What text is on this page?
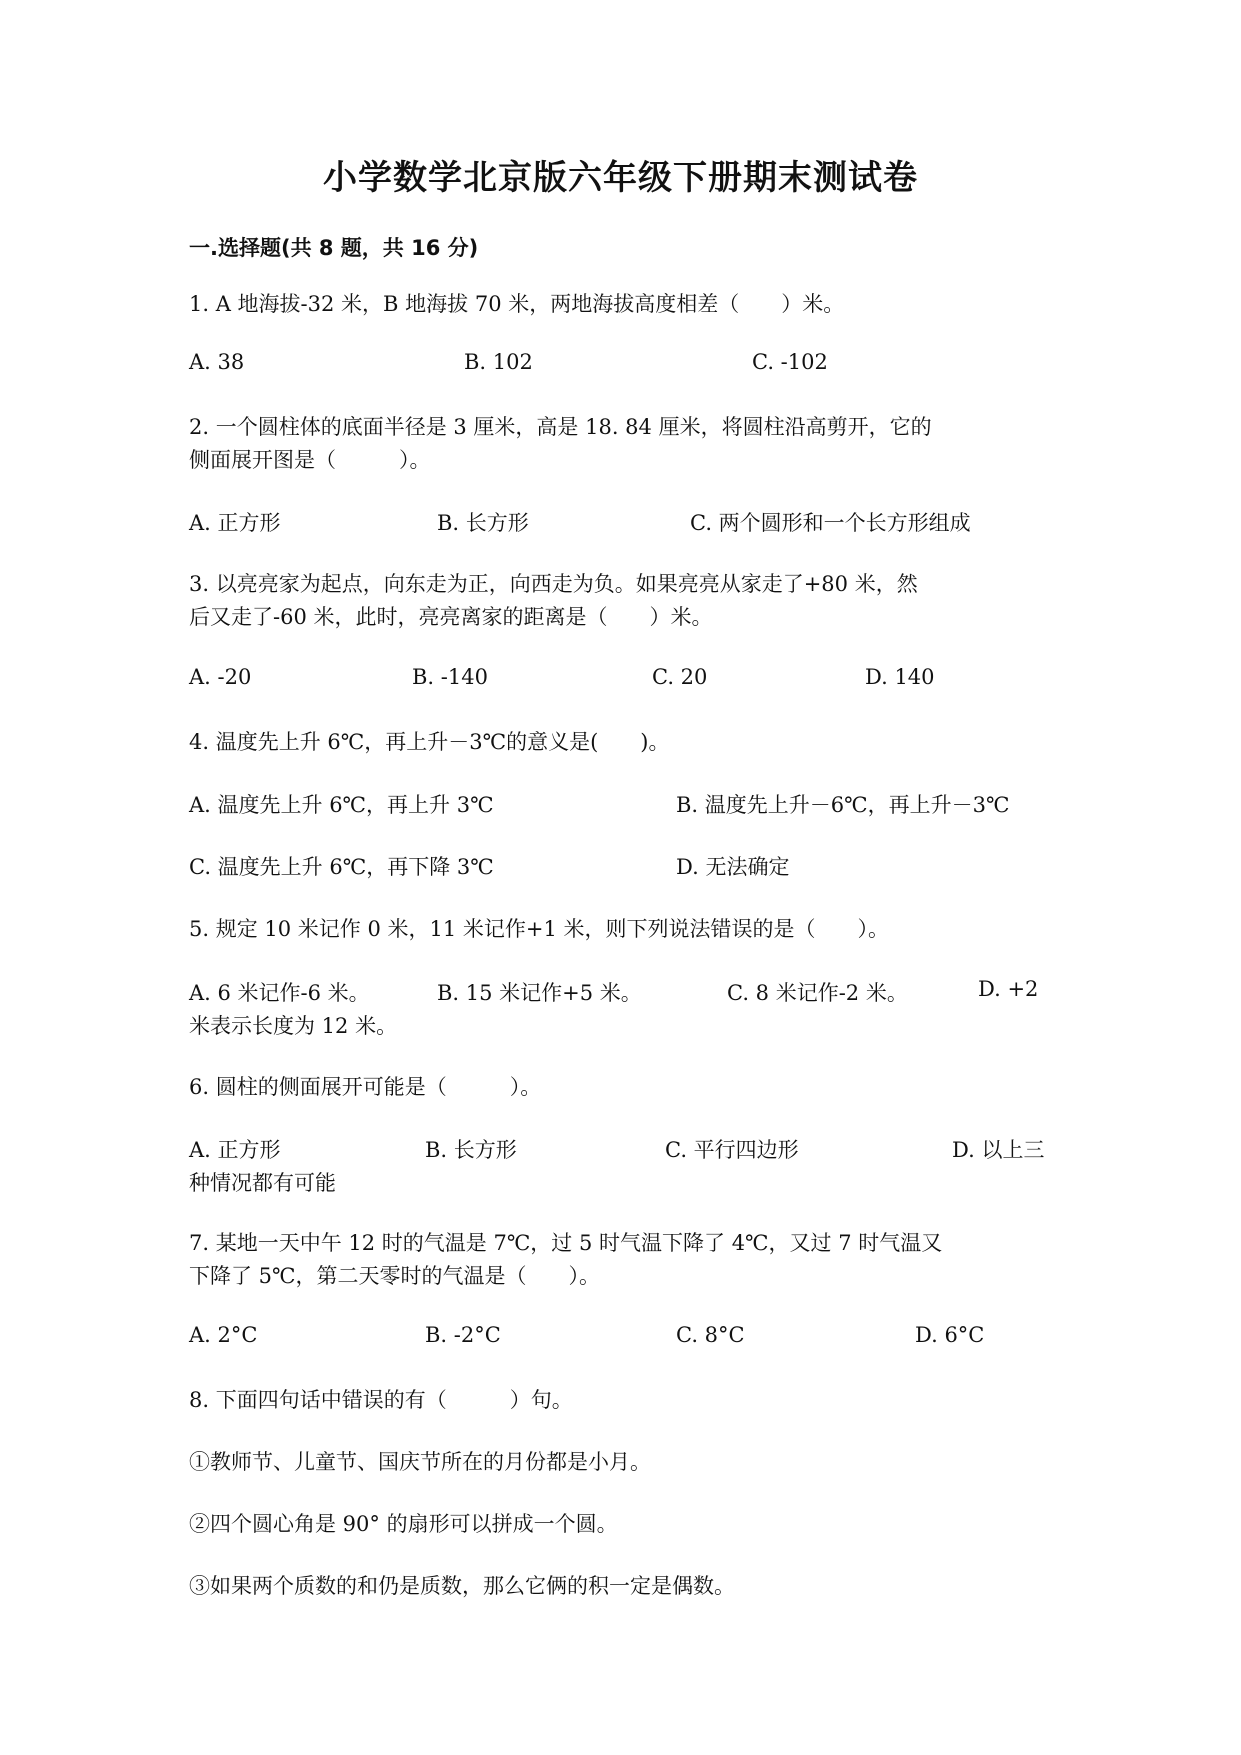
小学数学北京版六年级下册期末测试卷
一.选择题(共 8 题，共 16 分)
1. A 地海拔-32 米，B 地海拔 70 米，两地海拔高度相差（　　）米。
A. 38	B. 102	C. -102
2. 一个圆柱体的底面半径是 3 厘米，高是 18. 84 厘米，将圆柱沿高剪开，它的
侧面展开图是（　　　）。
A. 正方形	B. 长方形	C. 两个圆形和一个长方形组成
3. 以亮亮家为起点，向东走为正，向西走为负。如果亮亮从家走了+80 米，然
后又走了-60 米，此时，亮亮离家的距离是（　　）米。
A. -20	B. -140	C. 20	D. 140
4. 温度先上升 6℃，再上升－3℃的意义是(　　)。
A. 温度先上升 6℃，再上升 3℃	B. 温度先上升－6℃，再上升－3℃
C. 温度先上升 6℃，再下降 3℃	D. 无法确定
5. 规定 10 米记作 0 米，11 米记作+1 米，则下列说法错误的是（　　）。
A. 6 米记作-6 米。	B. 15 米记作+5 米。	C. 8 米记作-2 米。	D. +2
米表示长度为 12 米。
6. 圆柱的侧面展开可能是（　　　）。
A. 正方形	B. 长方形	C. 平行四边形	D. 以上三
种情况都有可能
7. 某地一天中午 12 时的气温是 7℃，过 5 时气温下降了 4℃，又过 7 时气温又
下降了 5℃，第二天零时的气温是（　　）。
A. 2°C	B. -2°C	C. 8°C	D. 6°C
8. 下面四句话中错误的有（　　　）句。
①教师节、儿童节、国庆节所在的月份都是小月。
②四个圆心角是 90° 的扇形可以拼成一个圆。
③如果两个质数的和仍是质数，那么它俩的积一定是偶数。
